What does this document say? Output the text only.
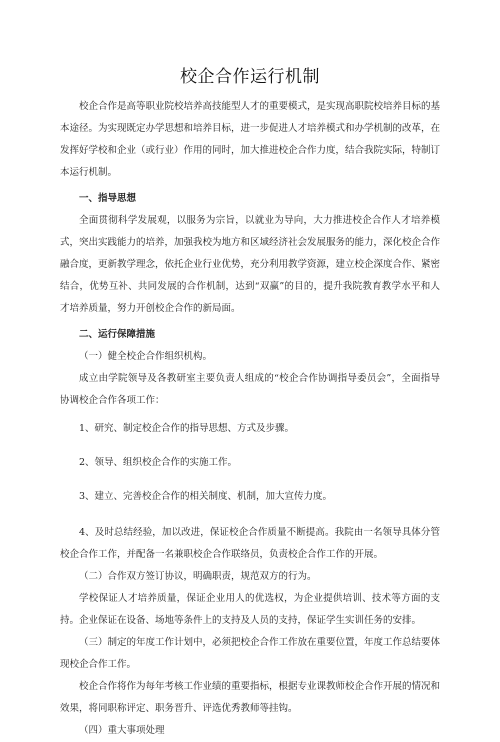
校企合作运行机制

校企合作是高等职业院校培养高技能型人才的重要模式，是实现高职院校培养目标的基本途径。为实现既定办学思想和培养目标，进一步促进人才培养模式和办学机制的改革，在发挥好学校和企业（或行业）作用的同时，加大推进校企合作力度，结合我院实际，特制订本运行机制。

一、指导思想

全面贯彻科学发展观，以服务为宗旨，以就业为导向，大力推进校企合作人才培养模式，突出实践能力的培养，加强我校为地方和区域经济社会发展服务的能力，深化校企合作融合度，更新教学理念，依托企业行业优势，充分利用教学资源，建立校企深度合作、紧密结合，优势互补、共同发展的合作机制，达到“双赢”的目的，提升我院教育教学水平和人才培养质量，努力开创校企合作的新局面。

二、运行保障措施

（一）健全校企合作组织机构。

成立由学院领导及各教研室主要负责人组成的“校企合作协调指导委员会”，全面指导协调校企合作各项工作：

1、研究、制定校企合作的指导思想、方式及步骤。

2、领导、组织校企合作的实施工作。

3、建立、完善校企合作的相关制度、机制，加大宣传力度。

4、及时总结经验，加以改进，保证校企合作质量不断提高。我院由一名领导具体分管校企合作工作，并配备一名兼职校企合作联络员，负责校企合作工作的开展。

（二）合作双方签订协议，明确职责，规范双方的行为。

学校保证人才培养质量，保证企业用人的优选权，为企业提供培训、技术等方面的支持。企业保证在设备、场地等条件上的支持及人员的支持，保证学生实训任务的安排。

（三）制定的年度工作计划中，必须把校企合作工作放在重要位置，年度工作总结要体现校企合作工作。

校企合作将作为每年考核工作业绩的重要指标，根据专业课教师校企合作开展的情况和效果，将同职称评定、职务晋升、评选优秀教师等挂钩。

（四）重大事项处理
